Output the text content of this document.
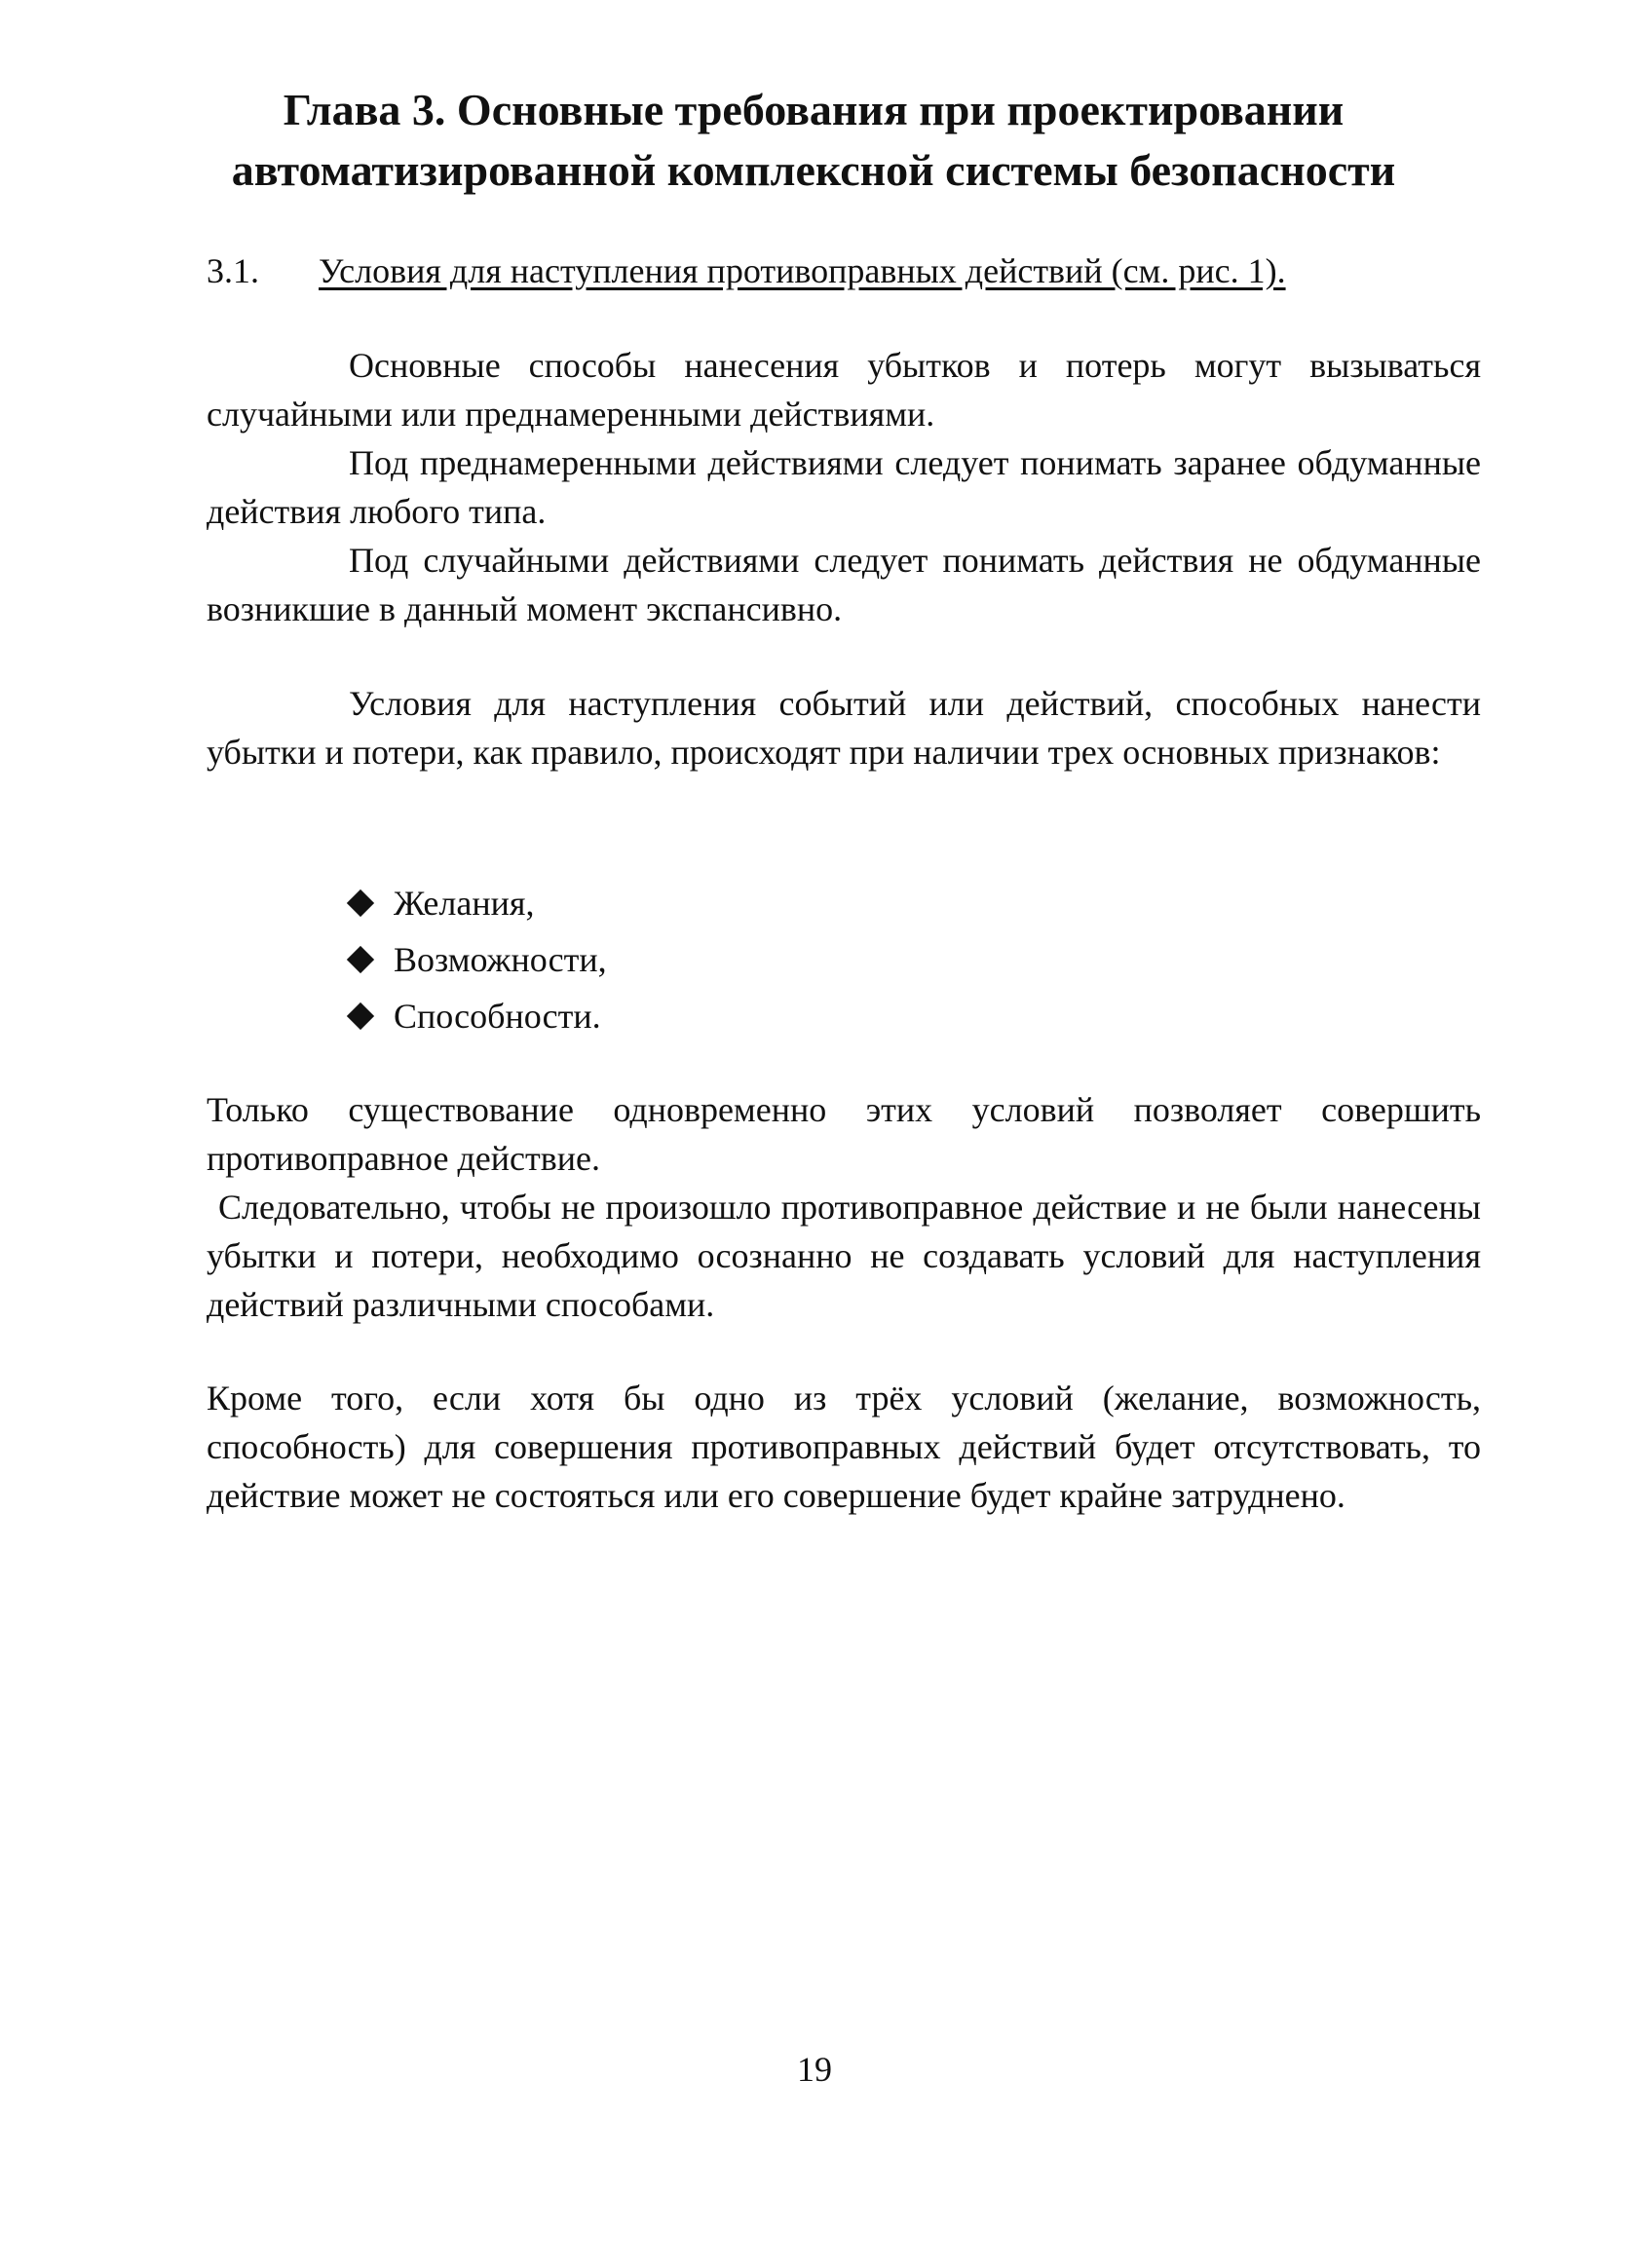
Глава 3. Основные требования при проектировании автоматизированной комплексной системы безопасности
3.1. Условия для наступления противоправных действий (см. рис. 1).

Основные способы нанесения убытков и потерь могут вызываться случайными или преднамеренными действиями.

Под преднамеренными действиями следует понимать заранее обдуманные действия любого типа.

Под случайными действиями следует понимать действия не обдуманные возникшие в данный момент экспансивно.

Условия для наступления событий или действий, способных нанести убытки и потери, как правило, происходят при наличии трех основных признаков:

Желания,
Возможности,
Способности.

Только существование одновременно этих условий позволяет совершить противоправное действие.

Следовательно, чтобы не произошло противоправное действие и не были нанесены убытки и потери, необходимо осознанно не создавать условий для наступления действий различными способами.

Кроме того, если хотя бы одно из трёх условий (желание, возможность, способность) для совершения противоправных действий будет отсутствовать, то действие может не состояться или его совершение будет крайне затруднено.

19
